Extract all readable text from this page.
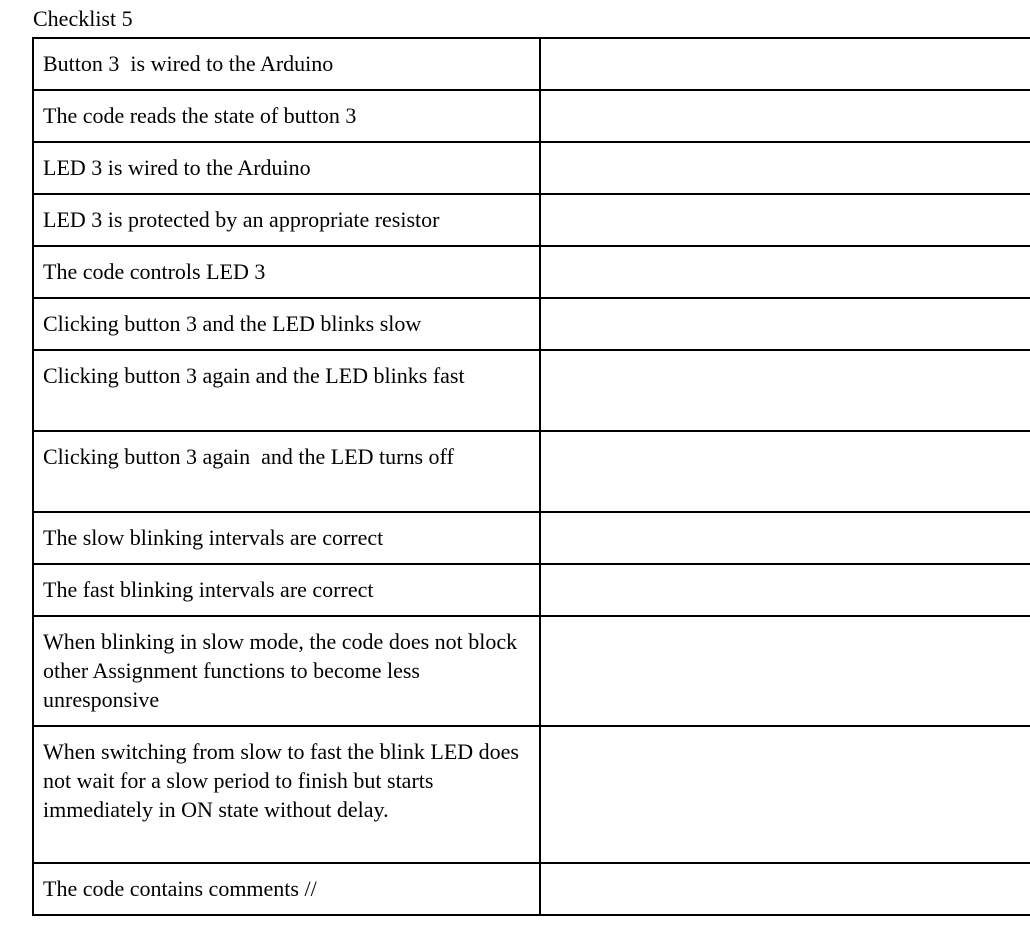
Checklist 5
Button 3  is wired to the Arduino	
The code reads the state of button 3	
LED 3 is wired to the Arduino	
LED 3 is protected by an appropriate resistor	
The code controls LED 3	
Clicking button 3 and the LED blinks slow	
Clicking button 3 again and the LED blinks fast	
Clicking button 3 again  and the LED turns off	
The slow blinking intervals are correct	
The fast blinking intervals are correct	
When blinking in slow mode, the code does not block other Assignment functions to become less unresponsive	
When switching from slow to fast the blink LED does not wait for a slow period to finish but starts immediately in ON state without delay.	
The code contains comments //	
